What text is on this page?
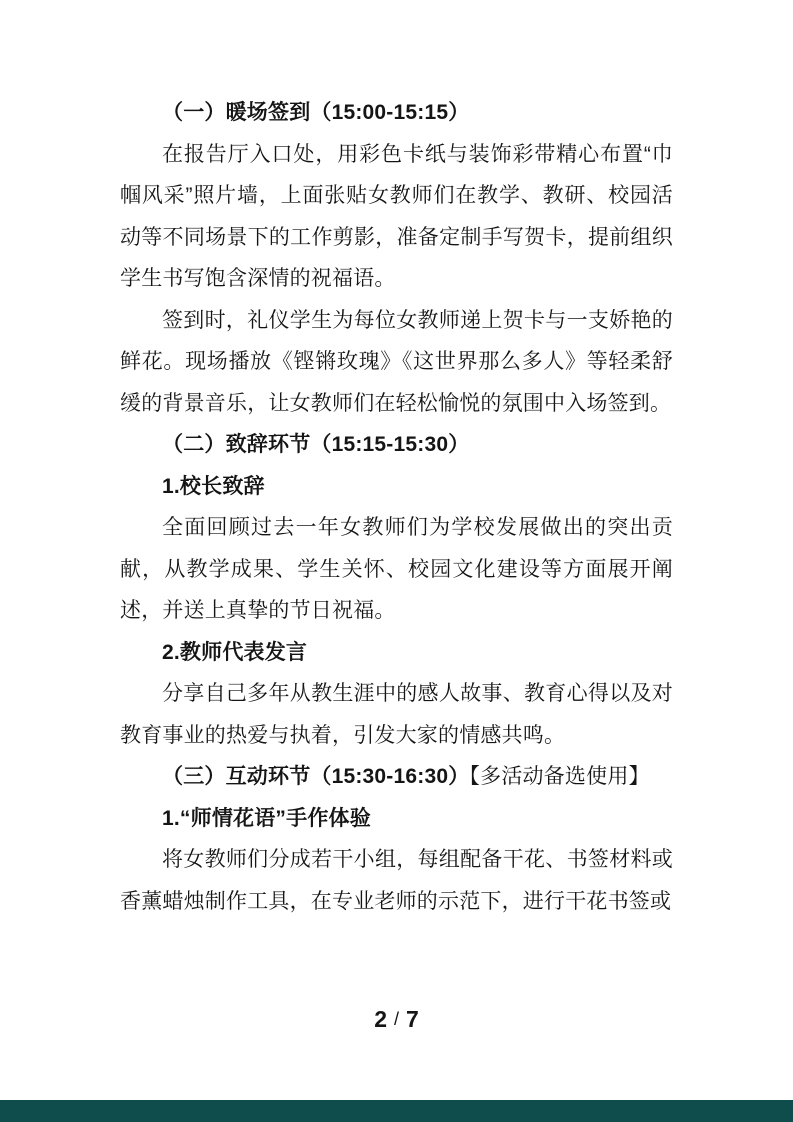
（一）暖场签到（15:00-15:15）

在报告厅入口处，用彩色卡纸与装饰彩带精心布置“巾帼风采”照片墙，上面张贴女教师们在教学、教研、校园活动等不同场景下的工作剪影，准备定制手写贺卡，提前组织学生书写饱含深情的祝福语。

签到时，礼仪学生为每位女教师递上贺卡与一支娇艳的鲜花。现场播放《铿锵玫瑰》《这世界那么多人》等轻柔舒缓的背景音乐，让女教师们在轻松愉悦的氛围中入场签到。

（二）致辞环节（15:15-15:30）

1.校长致辞

全面回顾过去一年女教师们为学校发展做出的突出贡献，从教学成果、学生关怀、校园文化建设等方面展开阐述，并送上真挚的节日祝福。

2.教师代表发言

分享自己多年从教生涯中的感人故事、教育心得以及对教育事业的热爱与执着，引发大家的情感共鸣。

（三）互动环节（15:30-16:30）【多活动备选使用】

1.“师情花语”手作体验

将女教师们分成若干小组，每组配备干花、书签材料或香薰蜡烛制作工具，在专业老师的示范下，进行干花书签或

2 / 7
